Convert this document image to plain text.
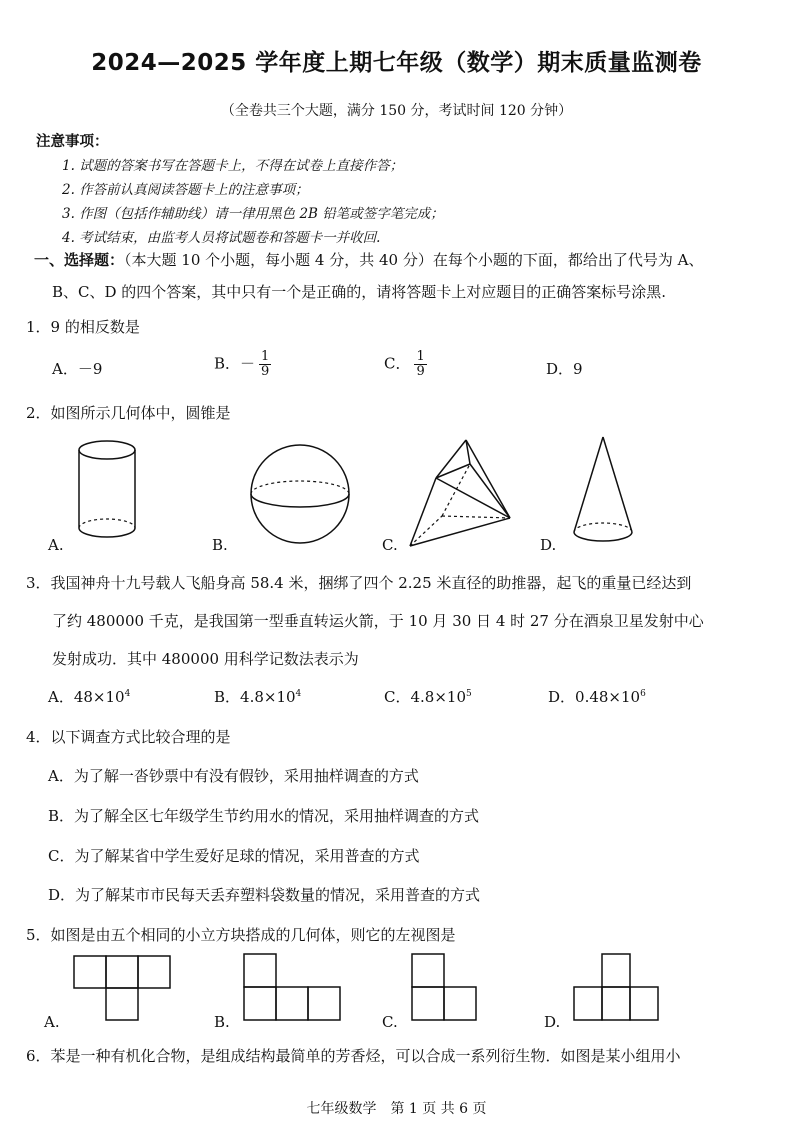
2024—2025 学年度上期七年级（数学）期末质量监测卷
（全卷共三个大题，满分 150 分，考试时间 120 分钟）
注意事项：
1. 试题的答案书写在答题卡上，不得在试卷上直接作答；
2. 作答前认真阅读答题卡上的注意事项；
3. 作图（包括作辅助线）请一律用黑色 2B 铅笔或签字笔完成；
4. 考试结束，由监考人员将试题卷和答题卡一并收回.
一、选择题：（本大题 10 个小题，每小题 4 分，共 40 分）在每个小题的下面，都给出了代号为 A、
B、C、D 的四个答案，其中只有一个是正确的，请将答题卡上对应题目的正确答案标号涂黑.
1．9 的相反数是
A．－9	B．－ $\frac{1}{9}$	C． $\frac{1}{9}$	D．9
2．如图所示几何体中，圆锥是
A.	B.	C.	D.
3．我国神舟十九号载人飞船身高 58.4 米，捆绑了四个 2.25 米直径的助推器，起飞的重量已经达到
了约 480000 千克，是我国第一型垂直转运火箭，于 10 月 30 日 4 时 27 分在酒泉卫星发射中心
发射成功．其中 480000 用科学记数法表示为
A．$48\times 10^4$	B．$4.8\times 10^4$	C．$4.8\times 10^5$	D．$0.48\times 10^6$
4．以下调查方式比较合理的是
A．为了解一沓钞票中有没有假钞，采用抽样调查的方式
B．为了解全区七年级学生节约用水的情况，采用抽样调查的方式
C．为了解某省中学生爱好足球的情况，采用普查的方式
D．为了解某市市民每天丢弃塑料袋数量的情况，采用普查的方式
5．如图是由五个相同的小立方块搭成的几何体，则它的左视图是
A.	B.	C.	D.
6．苯是一种有机化合物，是组成结构最简单的芳香烃，可以合成一系列衍生物．如图是某小组用小
七年级数学　第 1 页 共 6 页
